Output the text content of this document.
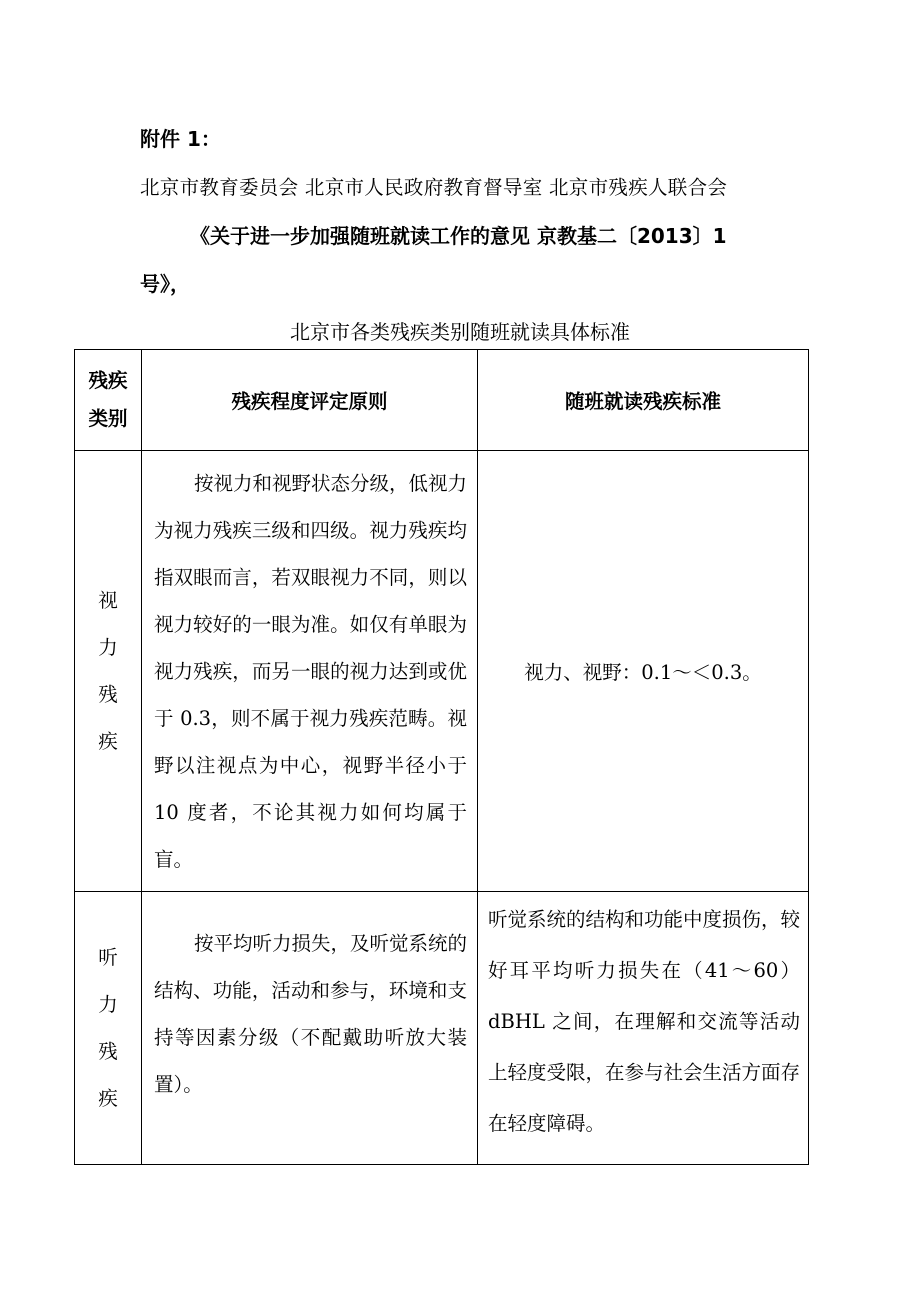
附件 1：
北京市教育委员会 北京市人民政府教育督导室 北京市残疾人联合会
《关于进一步加强随班就读工作的意见 京教基二〔2013〕1
号》，
北京市各类残疾类别随班就读具体标准
残疾
类别	残疾程度评定原则	随班就读残疾标准
视
力
残
疾	按视力和视野状态分级，低视力为视力残疾三级和四级。视力残疾均指双眼而言，若双眼视力不同，则以视力较好的一眼为准。如仅有单眼为视力残疾，而另一眼的视力达到或优于 0.3，则不属于视力残疾范畴。视野以注视点为中心，视野半径小于 10 度者，不论其视力如何均属于盲。	视力、视野：0.1～＜0.3。
听
力
残
疾	按平均听力损失，及听觉系统的结构、功能，活动和参与，环境和支持等因素分级（不配戴助听放大装置）。	听觉系统的结构和功能中度损伤，较好耳平均听力损失在（41～60）dBHL 之间，在理解和交流等活动上轻度受限，在参与社会生活方面存在轻度障碍。
